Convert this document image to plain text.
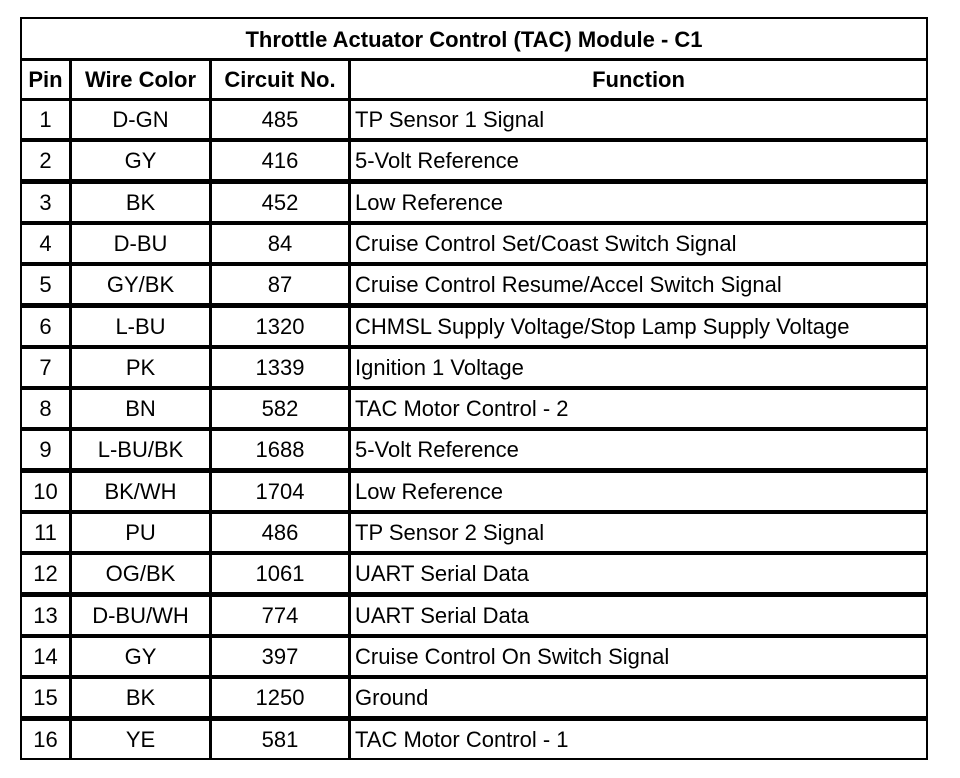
Throttle Actuator Control (TAC) Module - C1
Pin	Wire Color	Circuit No.	Function
1	D-GN	485	TP Sensor 1 Signal
2	GY	416	5-Volt Reference
3	BK	452	Low Reference
4	D-BU	84	Cruise Control Set/Coast Switch Signal
5	GY/BK	87	Cruise Control Resume/Accel Switch Signal
6	L-BU	1320	CHMSL Supply Voltage/Stop Lamp Supply Voltage
7	PK	1339	Ignition 1 Voltage
8	BN	582	TAC Motor Control - 2
9	L-BU/BK	1688	5-Volt Reference
10	BK/WH	1704	Low Reference
11	PU	486	TP Sensor 2 Signal
12	OG/BK	1061	UART Serial Data
13	D-BU/WH	774	UART Serial Data
14	GY	397	Cruise Control On Switch Signal
15	BK	1250	Ground
16	YE	581	TAC Motor Control - 1
